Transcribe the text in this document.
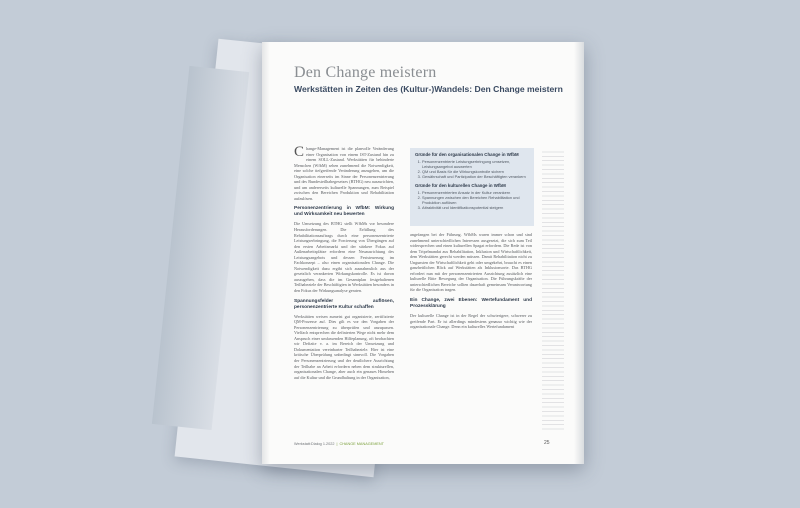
Den Change meistern
Werkstätten in Zeiten des (Kultur-)Wandels: Den Change meistern

Change-Management ist die planvolle Veränderung einer Organisation von einem IST-Zustand hin zu einem SOLL-Zustand. Werkstätten für behinderte Menschen (WfbM) sehen zunehmend die Notwendigkeit, eine solche tiefgreifende Veränderung anzugehen, um die Organisation einerseits im Sinne der Personenzentrierung und des Bundesteilhabegesetzes (BTHG) neu auszurichten, und um andererseits kulturelle Spannungen, zum Beispiel zwischen den Bereichen Produktion und Rehabilitation aufzulösen.

Personenzentrierung in WfbM: Wirkung und Wirksamkeit neu bewerten

Die Umsetzung des BTHG stellt WfbMs vor besondere Herausforderungen. Die Erfüllung des Rehabilitationsauftrags durch eine personenzentrierte Leistungserbringung, die Forcierung von Übergängen auf den ersten Arbeitsmarkt und der stärkere Fokus auf Außenarbeitsplätze erfordern eine Neuausrichtung des Leistungsangebots und dessen Feststeuerung im Fachkonzept – also einen organisationalen Change. Die Notwendigkeit dazu ergibt sich ausnahmslich aus der gesetzlich verankerten Wirkungskontrolle. Es ist davon auszugehen, dass die im Gesamtplan festgehaltenen Teilhabeziele der Beschäftigten in Werkstätten besonders in den Fokus der Wirkungsanalyse geraten.

Spannungsfelder auflösen, personenzentrierte Kultur schaffen

Werkstätten weisen zumeist gut organisierte, zertifizierte QM-Prozesse auf. Dies gilt es vor den Vorgaben der Personenzentrierung zu überprüfen und anzupassen. Vielfach entsprechen die definierten Wege nicht mehr dem Anspruch einer umfassenden Hilfeplanung, oft beobachten wir Defizite v. a. im Bereich der Umsetzung und Dokumentation vereinbarter Teilhabeziele. Hier ist eine kritische Überprüfung unbedingt sinnvoll. Die Vorgaben der Personenzentrierung und der deutlichere Ausrichtung der Teilhabe an Arbeit erfordern neben dem strukturellen, organisationalen Change, aber auch ein genaues Hinsehen auf die Kultur und die Grundhaltung in der Organisation,

Gründe für den organisationalen Change in WfbM
1. Personenzentrierte Leistungserbringung umsetzen, Leistungsangebot auswerten
2. QM und Basis für die Wirkungskontrolle sichern
3. Gewährschaft und Partizipation der Beschäftigten verankern
Gründe für den kulturellen Change in WfbM
1. Personenzentrierten Ansatz in der Kultur verankern
2. Spannungen zwischen den Bereichen Rehabilitation und Produktion auflösen
3. Attraktivität und Identifikationspotential steigern

angefangen bei der Führung. WfbMs waren immer schon und sind zunehmend unterschiedlichen Interessen ausgesetzt, die sich zum Teil widersprechen und einen kulturellen Spagat erfordern. Die Rede ist von dem Tripelmandat aus Rehabilitation, Inklusion und Wirtschaftlichkeit, dem Werkstätten gerecht werden müssen. Damit Rehabilitation nicht zu Ungunsten der Wirtschaftlichkeit geht oder umgekehrt, braucht es einen ganzheitlichen Blick auf Werkstätten als Inklusionsorte. Das BTHG erfordert nun mit der personenzentrierten Ausrichtung zusätzlich eine kulturelle Bitte Bewegung der Organisation. Die Führungskräfte der unterschiedlichen Bereiche sollten dauerhaft gemeinsam Verantwortung für die Organisation tragen.

Ein Change, zwei Ebenen: Wertefundament und Prozessklärung

Der kulturelle Change ist in der Regel der schwierigere, schwerer zu greifende Part. Er ist allerdings mindestens genauso wichtig wie der organisationale Change. Denn ein kulturelles Wertefundament

Werkstatt:Dialog 1.2022 | CHANGE MANAGEMENT	25
